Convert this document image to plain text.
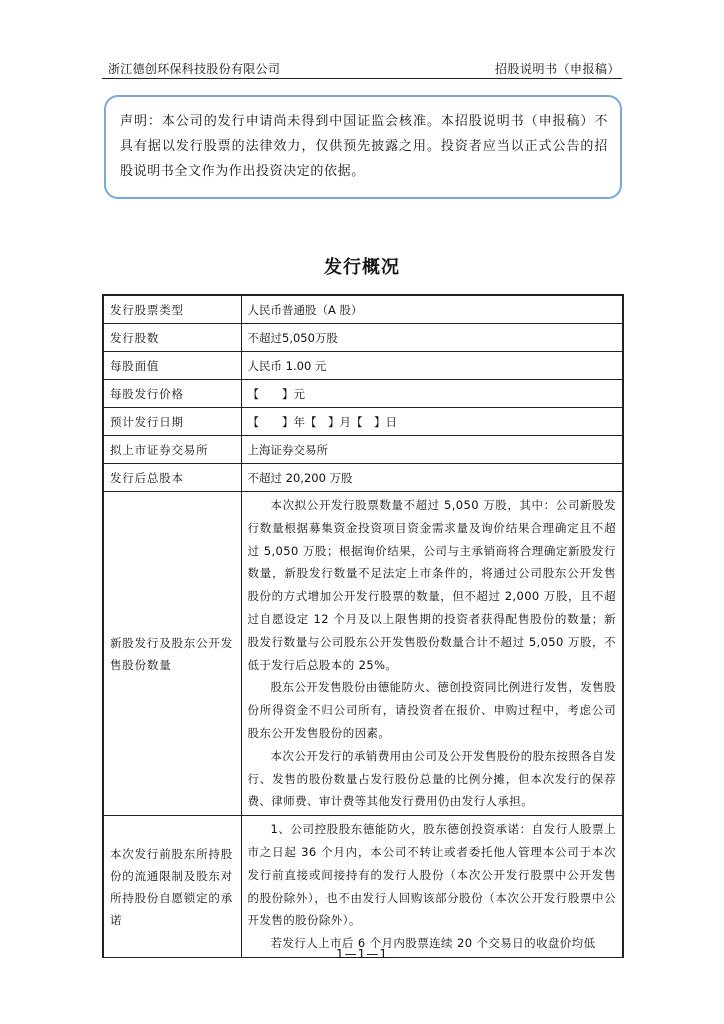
浙江德创环保科技股份有限公司	招股说明书（申报稿）
声明：本公司的发行申请尚未得到中国证监会核准。本招股说明书（申报稿）不具有据以发行股票的法律效力，仅供预先披露之用。投资者应当以正式公告的招股说明书全文作为作出投资决定的依据。
发行概况
发行股票类型	人民币普通股（A 股）
发行股数	不超过5,050万股
每股面值	人民币 1.00 元
每股发行价格	【　　】元
预计发行日期	【　　】年【　】月【　】日
拟上市证券交易所	上海证券交易所
发行后总股本	不超过 20,200 万股
新股发行及股东公开发售股份数量	本次拟公开发行股票数量不超过 5,050 万股，其中：公司新股发行数量根据募集资金投资项目资金需求量及询价结果合理确定且不超过 5,050 万股；根据询价结果，公司与主承销商将合理确定新股发行数量，新股发行数量不足法定上市条件的，将通过公司股东公开发售股份的方式增加公开发行股票的数量，但不超过 2,000 万股，且不超过自愿设定 12 个月及以上限售期的投资者获得配售股份的数量；新股发行数量与公司股东公开发售股份数量合计不超过 5,050 万股，不低于发行后总股本的 25%。
股东公开发售股份由德能防火、德创投资同比例进行发售，发售股份所得资金不归公司所有，请投资者在报价、申购过程中，考虑公司股东公开发售股份的因素。
本次公开发行的承销费用由公司及公开发售股份的股东按照各自发行、发售的股份数量占发行股份总量的比例分摊，但本次发行的保荐费、律师费、审计费等其他发行费用仍由发行人承担。

本次发行前股东所持股份的流通限制及股东对所持股份自愿锁定的承诺	1、公司控股股东德能防火，股东德创投资承诺：自发行人股票上市之日起 36 个月内，本公司不转让或者委托他人管理本公司于本次发行前直接或间接持有的发行人股份（本次公开发行股票中公开发售的股份除外），也不由发行人回购该部分股份（本次公开发行股票中公开发售的股份除外）。
若发行人上市后 6 个月内股票连续 20 个交易日的收盘价均低
1—1—1
